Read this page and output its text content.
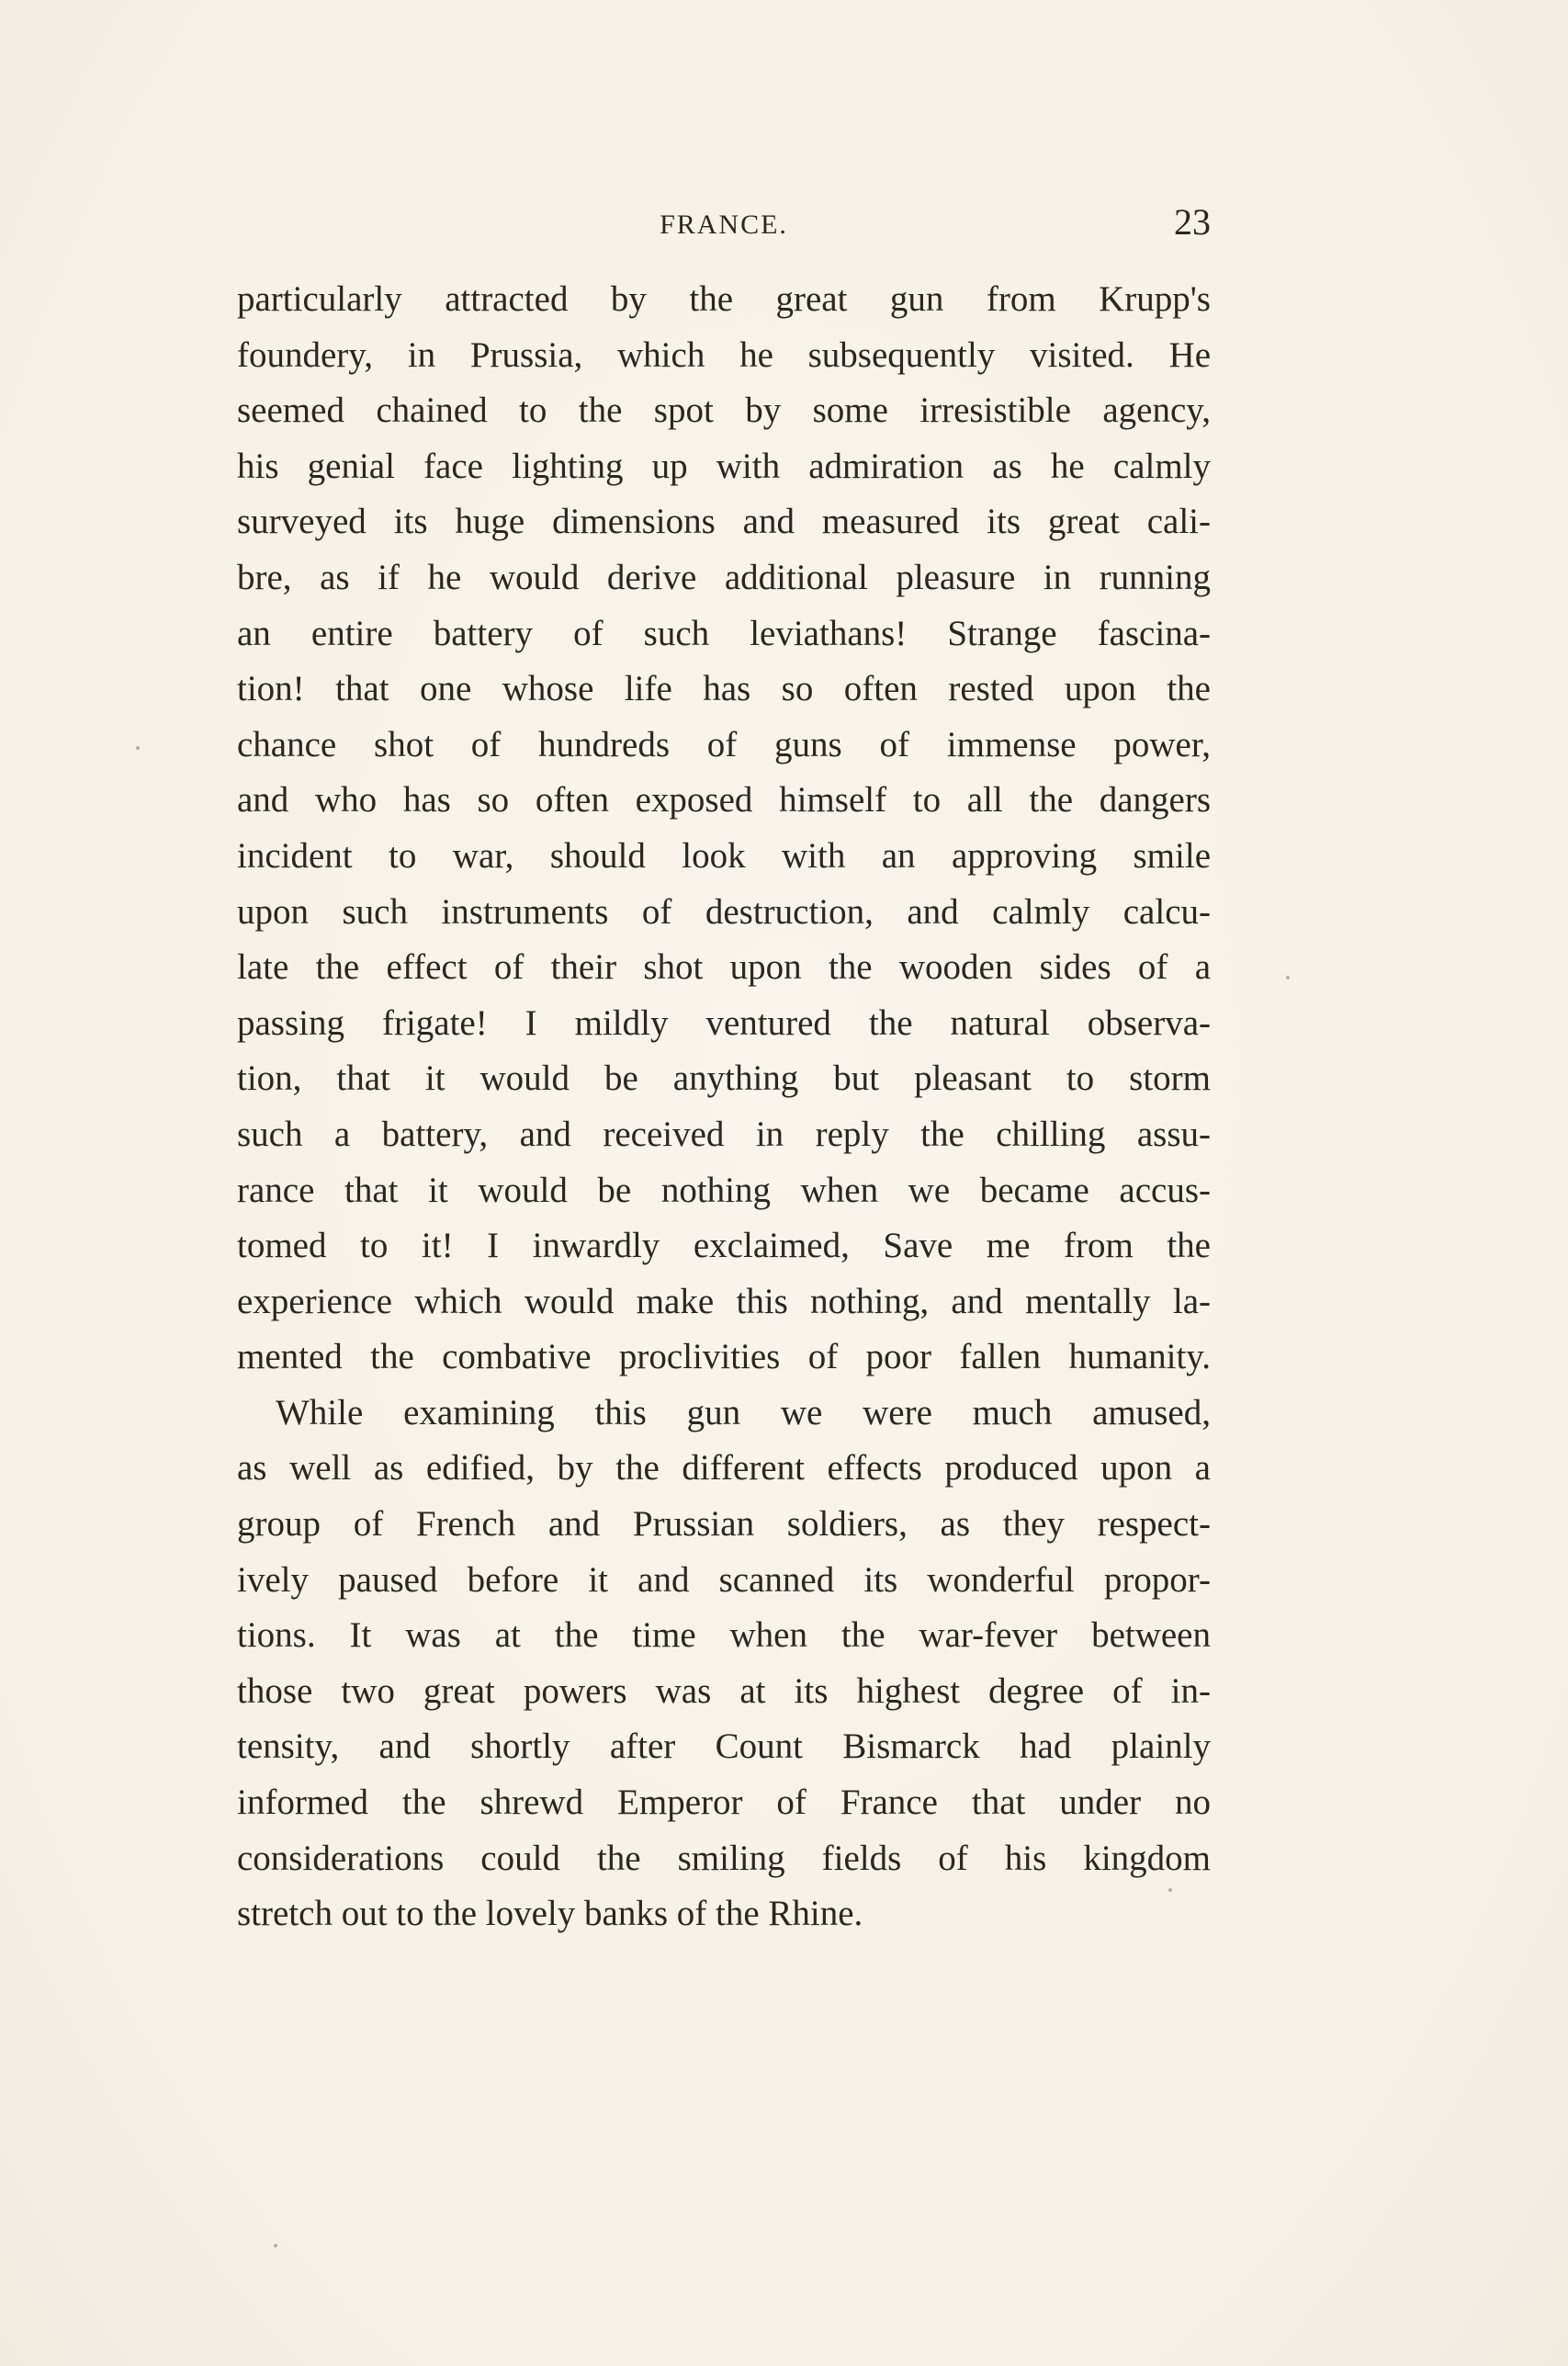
FRANCE.	23
particularly attracted by the great gun from Krupp's
foundery, in Prussia, which he subsequently visited. He
seemed chained to the spot by some irresistible agency,
his genial face lighting up with admiration as he calmly
surveyed its huge dimensions and measured its great cali-
bre, as if he would derive additional pleasure in running
an entire battery of such leviathans! Strange fascina-
tion! that one whose life has so often rested upon the
chance shot of hundreds of guns of immense power,
and who has so often exposed himself to all the dangers
incident to war, should look with an approving smile
upon such instruments of destruction, and calmly calcu-
late the effect of their shot upon the wooden sides of a
passing frigate! I mildly ventured the natural observa-
tion, that it would be anything but pleasant to storm
such a battery, and received in reply the chilling assu-
rance that it would be nothing when we became accus-
tomed to it! I inwardly exclaimed, Save me from the
experience which would make this nothing, and mentally la-
mented the combative proclivities of poor fallen humanity.
While examining this gun we were much amused,
as well as edified, by the different effects produced upon a
group of French and Prussian soldiers, as they respect-
ively paused before it and scanned its wonderful propor-
tions. It was at the time when the war-fever between
those two great powers was at its highest degree of in-
tensity, and shortly after Count Bismarck had plainly
informed the shrewd Emperor of France that under no
considerations could the smiling fields of his kingdom
stretch out to the lovely banks of the Rhine.
